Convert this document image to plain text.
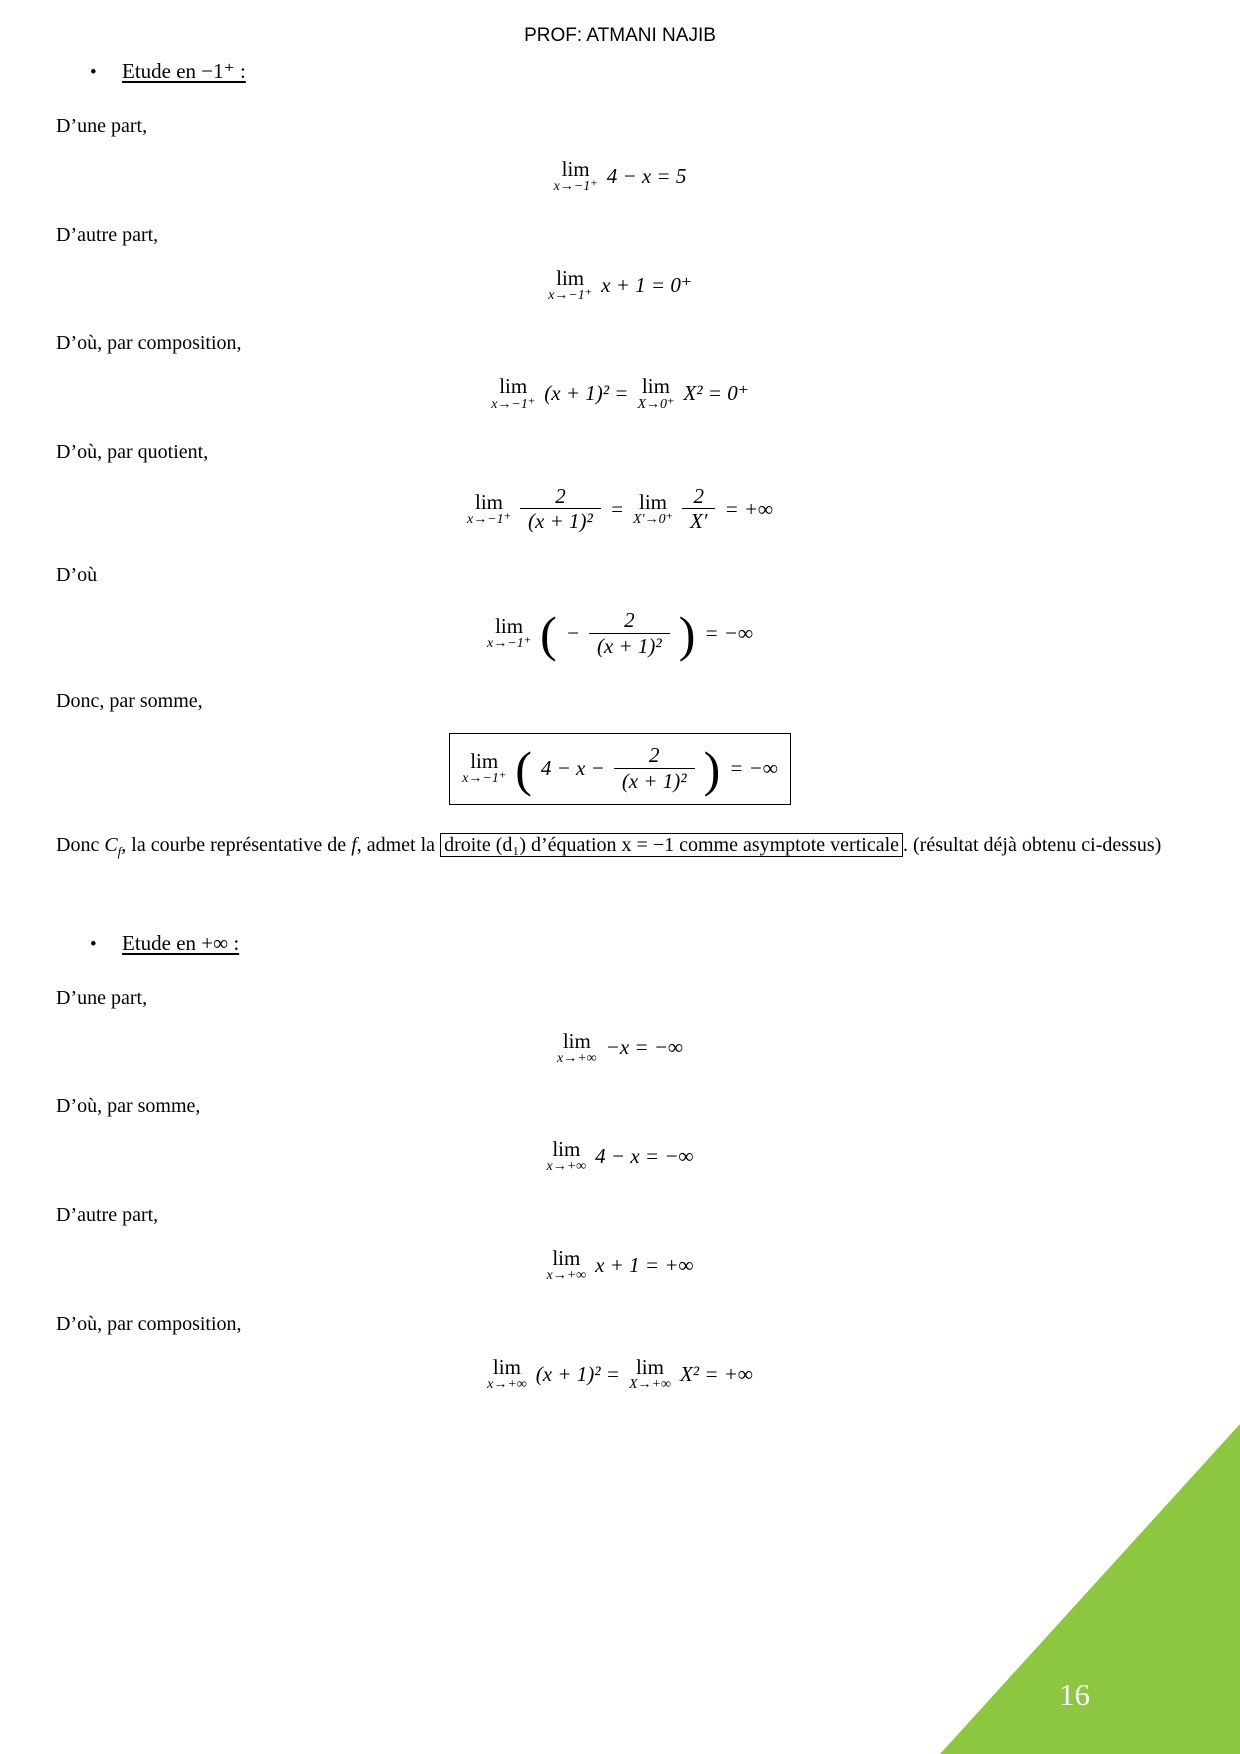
PROF: ATMANI NAJIB
•	Etude en −1⁺ :

D’une part,

lim
x→−1⁺ 4 − x = 5

D’autre part,

lim
x→−1⁺ x + 1 = 0⁺

D’où, par composition,

lim
x→−1⁺ (x + 1)² = lim
X→0⁺ X² = 0⁺

D’où, par quotient,

lim
$x\to-1^+ \frac{2}{\text{(x + 1)²}} = \lim$
$X'\to 0^+ \frac{2}{X'}$ = +∞

D’où

lim
x→−1⁺ ( − $\frac{2}{\text{(x + 1)²}}$ ) = −∞

Donc, par somme,

lim
x→−1⁺ ( $4 - x - \frac{2}{\text{(x + 1)²}}$ ) = −∞

Donc $C_f$, la courbe représentative de f, admet la droite (d₁) d’équation x = −1 comme asymptote verticale . (résultat déjà obtenu ci-dessus)

•	Etude en +∞ :

D’une part,

lim
x→+∞ −x = −∞

D’où, par somme,

lim
x→+∞ 4 − x = −∞

D’autre part,

lim
x→+∞ x + 1 = +∞

D’où, par composition,

lim
x→+∞ (x + 1)² = lim
X→+∞ X² = +∞
16
